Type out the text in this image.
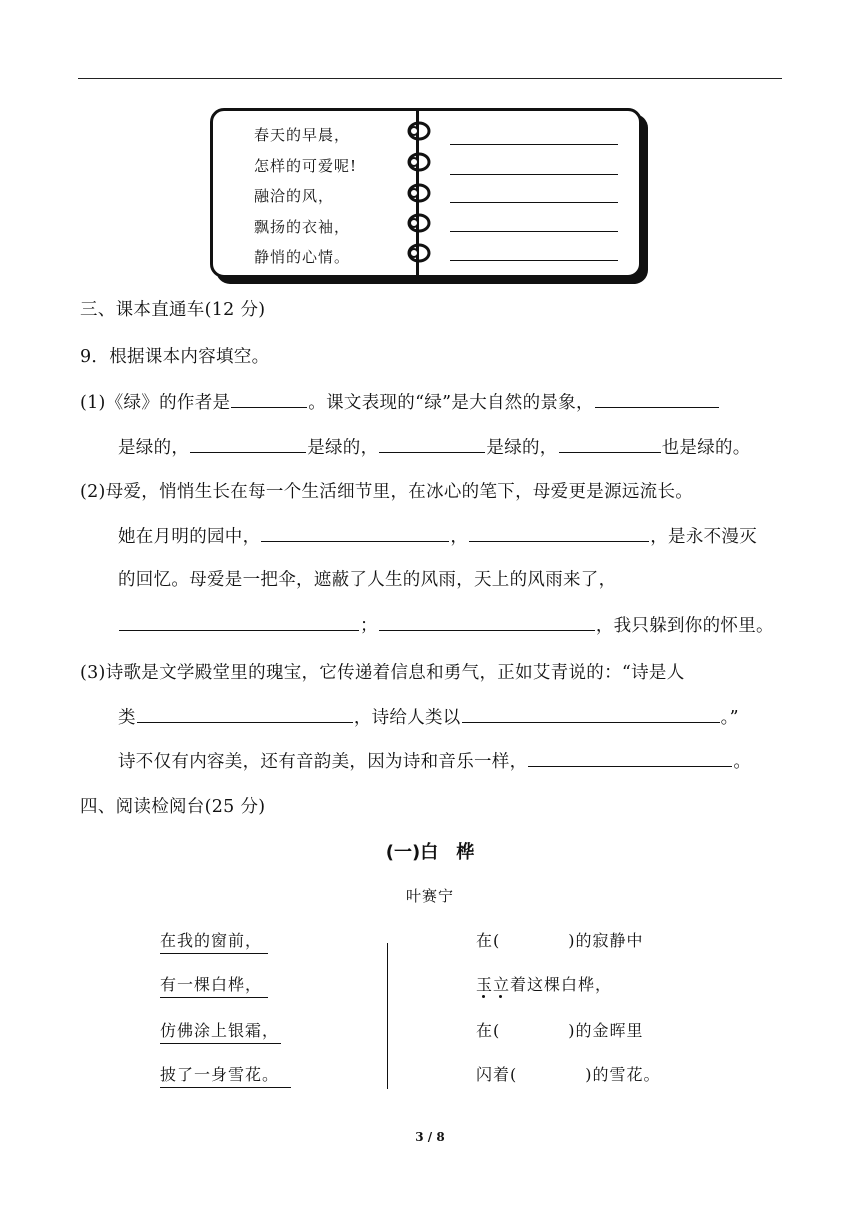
春天的早晨，
怎样的可爱呢!
融洽的风，
飘扬的衣袖，
静悄的心情。
三、课本直通车(12 分)
9．根据课本内容填空。
(1)《绿》的作者是	。课文表现的“绿”是大自然的景象，
是绿的，	是绿的，	是绿的，	也是绿的。
(2)母爱，悄悄生长在每一个生活细节里，在冰心的笔下，母爱更是源远流长。
她在月明的园中，	，	，是永不漫灭
的回忆。母爱是一把伞，遮蔽了人生的风雨，天上的风雨来了，
；	，我只躲到你的怀里。
(3)诗歌是文学殿堂里的瑰宝，它传递着信息和勇气，正如艾青说的：“诗是人
类	，诗给人类以	。”
诗不仅有内容美，还有音韵美，因为诗和音乐一样，	。
四、阅读检阅台(25 分)
(一)白　桦
叶赛宁
在我的窗前，
有一棵白桦，
仿佛涂上银霜，
披了一身雪花。
在(　　　　)的寂静中
玉立着这棵白桦，
在(　　　　)的金晖里
闪着(　　　　)的雪花。
3 / 8
